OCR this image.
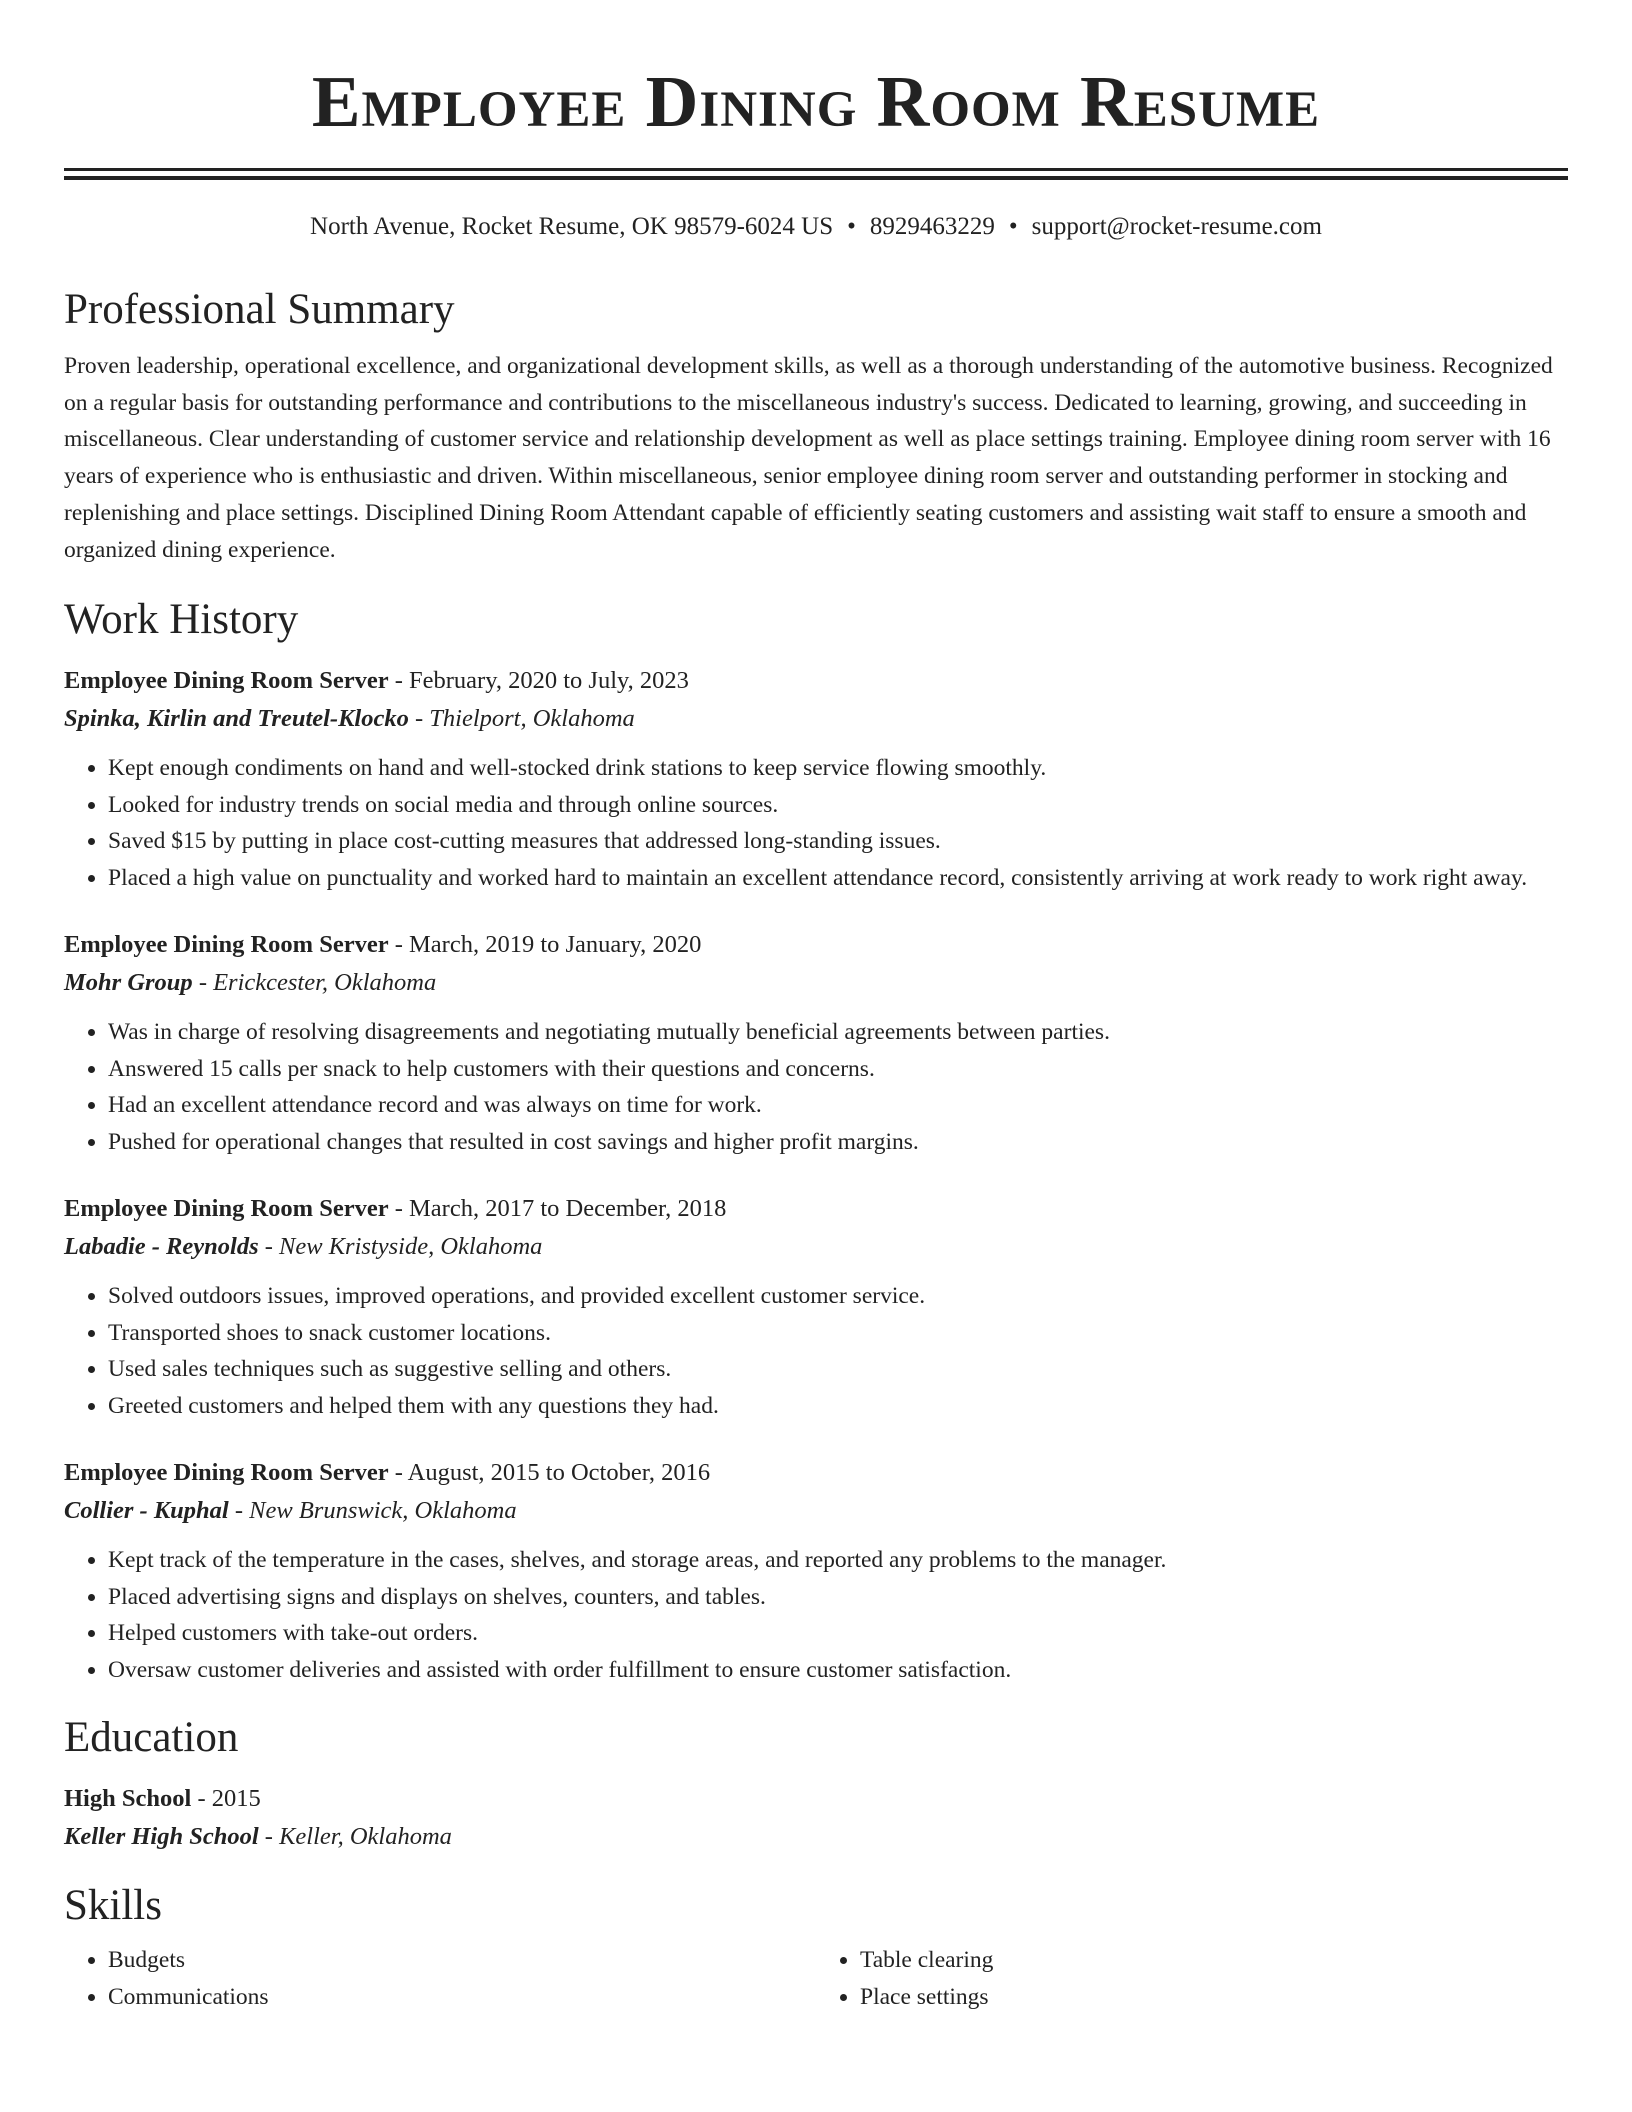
Employee Dining Room Resume
North Avenue, Rocket Resume, OK 98579-6024 US • 8929463229 • support@rocket-resume.com
Professional Summary

Proven leadership, operational excellence, and organizational development skills, as well as a thorough understanding of the automotive business. Recognized on a regular basis for outstanding performance and contributions to the miscellaneous industry's success. Dedicated to learning, growing, and succeeding in miscellaneous. Clear understanding of customer service and relationship development as well as place settings training. Employee dining room server with 16 years of experience who is enthusiastic and driven. Within miscellaneous, senior employee dining room server and outstanding performer in stocking and replenishing and place settings. Disciplined Dining Room Attendant capable of efficiently seating customers and assisting wait staff to ensure a smooth and organized dining experience.

Work History
Employee Dining Room Server - February, 2020 to July, 2023
Spinka, Kirlin and Treutel-Klocko - Thielport, Oklahoma
• Kept enough condiments on hand and well-stocked drink stations to keep service flowing smoothly.
• Looked for industry trends on social media and through online sources.
• Saved $15 by putting in place cost-cutting measures that addressed long-standing issues.
• Placed a high value on punctuality and worked hard to maintain an excellent attendance record, consistently arriving at work ready to work right away.
Employee Dining Room Server - March, 2019 to January, 2020
Mohr Group - Erickcester, Oklahoma
• Was in charge of resolving disagreements and negotiating mutually beneficial agreements between parties.
• Answered 15 calls per snack to help customers with their questions and concerns.
• Had an excellent attendance record and was always on time for work.
• Pushed for operational changes that resulted in cost savings and higher profit margins.
Employee Dining Room Server - March, 2017 to December, 2018
Labadie - Reynolds - New Kristyside, Oklahoma
• Solved outdoors issues, improved operations, and provided excellent customer service.
• Transported shoes to snack customer locations.
• Used sales techniques such as suggestive selling and others.
• Greeted customers and helped them with any questions they had.
Employee Dining Room Server - August, 2015 to October, 2016
Collier - Kuphal - New Brunswick, Oklahoma
• Kept track of the temperature in the cases, shelves, and storage areas, and reported any problems to the manager.
• Placed advertising signs and displays on shelves, counters, and tables.
• Helped customers with take-out orders.
• Oversaw customer deliveries and assisted with order fulfillment to ensure customer satisfaction.
Education
High School - 2015
Keller High School - Keller, Oklahoma
Skills
• Budgets
• Communications
• Table clearing
• Place settings
